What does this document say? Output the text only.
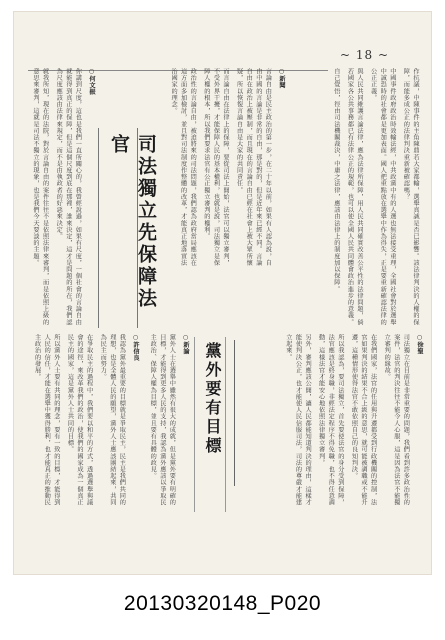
~ 18 ~

作抗議，中陳事件的主角陳鼎若大家都輸，選舉真誠是否已影響。該法律判決的人權的保障，而能多成公正的法律判決重新被確認嗎？

中國事件政府政治時效輸法經，中共政黨中有的人選也無法接受重理，全國社會對於選舉中誠恐時的社會都是更加表面。國人把重點放在選舉中作為得失，正是要重新確認法律的公正正義。

與人民共同維護言論法律，應為法律所保障，用人民共同確實改善公平性的法律問題，倘若國家各公共事務都已有法律公正的規範，也可以使全國人民共同體會政治進步的意義。

自己覺悟，徑由司法機關裁決，中庸之法律，應該由法律上的制度加以保障。

○新聞

言論自由是民主政治的第一步，在二十年以前，如果有人認為說，自由中國的言論是非常的自由，那是對的，但是近年來已經不同。言論自由在政治上被壓制，而且現在的言論自由已經在社會上被大眾所懷疑，所以恢復言論自由是大家的共同責任。

而言論自由在法律上的保障，要從司法上開始，法官可以獨立審判，不受外界干擾，才能保障人民的基本權利，也就是說，司法獨立是保障人權的根本，所以我們要求法官有公正獨立審判的權利。

政治性的言論自由，被迫將來的司法問題，我們認為政府當局應該在這方面多加檢討，並且對司法制度作整體的改革，才能真正地落實法治國家的理念。

○何文振

你講到尺度，這也是我們一直所關心的，我曾經說過，如果有尺度，一個社會的言論自由就能得到真正的保障，但是這個尺度到底在那裡，誰來決定，這才是問題的所在，我們認為尺度應該由法律來規定，而不是由執政者的好惡來決定。

就我所知，現在的法院，對於言論自由的案件往往不是依照法律來審判，而是依照上級的意思來審判，這就是司法不獨立的現象，也是我們今天要談的主題。	司法獨立先保障法官

○徐聖

司法獨立在目前是非常重要的問題，我們看到許多政治性的案件，法官的判決往往不能令人心服，這是因為法官不能獨立審判的緣故。

在我們國家，法官的任用與升遷都受到行政機關的控制，法官如果判決的結果不合上級的意思，就可能被調職或不能升遷，這種情形使得法官不敢依照自己的良知判決。

所以我認為，要司法獨立，首先要使法官的身分受到保障，法官應該是終身職，非經法定程序不得免職，也不得任意調動，這樣法官才能安心地依照法律獨立審判。

另外，審判應該公開，讓人民都能知道判決的理由，這樣才能使判決公正，也才能使人民信服司法，司法的尊嚴才能建立起來。

黨外要有目標

○新論

黨外人士在選舉中雖然有很大的成就，但是黨外要有明確的目標，才能得到更多人民的支持，我認為黨外應該以爭取民主政治、保障人權為目標，並且要有具體的政見。

○許信良

我認為黨外最重要的目標就是爭取民主，民主是我們共同的理想，也是全體人民的願望，黨外人士應該團結起來，共同為民主而努力。

在爭取民主的過程中，我們要以和平的方式，透過選舉與議會的途徑，來改革我們的政治，使我們的國家成為一個真正民主的國家，這是黨外人士共同的目標。

所以黨外人士要有共同的理念，要有一致的目標，才能得到人民的信任，才能在選舉中獲得勝利，也才能真正的推動民主政治的發展。

20130320148_P020
